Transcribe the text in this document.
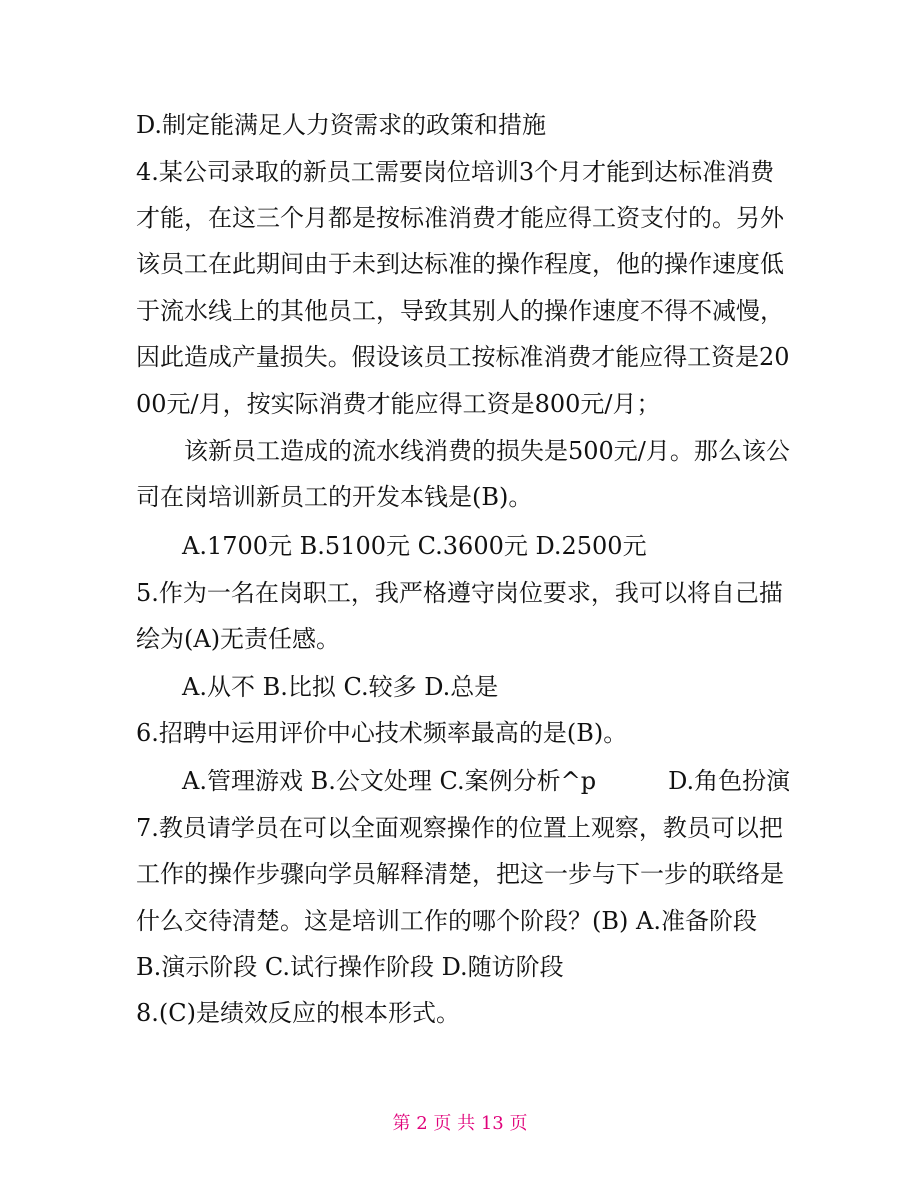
D.制定能满足人力资需求的政策和措施
4.某公司录取的新员工需要岗位培训3个月才能到达标准消费
才能，在这三个月都是按标准消费才能应得工资支付的。另外
该员工在此期间由于未到达标准的操作程度，他的操作速度低
于流水线上的其他员工，导致其别人的操作速度不得不减慢，
因此造成产量损失。假设该员工按标准消费才能应得工资是20
00元/月，按实际消费才能应得工资是800元/月；
该新员工造成的流水线消费的损失是500元/月。那么该公
司在岗培训新员工的开发本钱是(B)。
A.1700元 B.5100元 C.3600元 D.2500元
5.作为一名在岗职工，我严格遵守岗位要求，我可以将自己描
绘为(A)无责任感。
A.从不 B.比拟 C.较多 D.总是
6.招聘中运用评价中心技术频率最高的是(B)。
A.管理游戏 B.公文处理 C.案例分析^p　　　D.角色扮演
7.教员请学员在可以全面观察操作的位置上观察，教员可以把
工作的操作步骤向学员解释清楚，把这一步与下一步的联络是
什么交待清楚。这是培训工作的哪个阶段？(B) A.准备阶段
B.演示阶段 C.试行操作阶段 D.随访阶段
8.(C)是绩效反应的根本形式。
第 2 页 共 13 页
